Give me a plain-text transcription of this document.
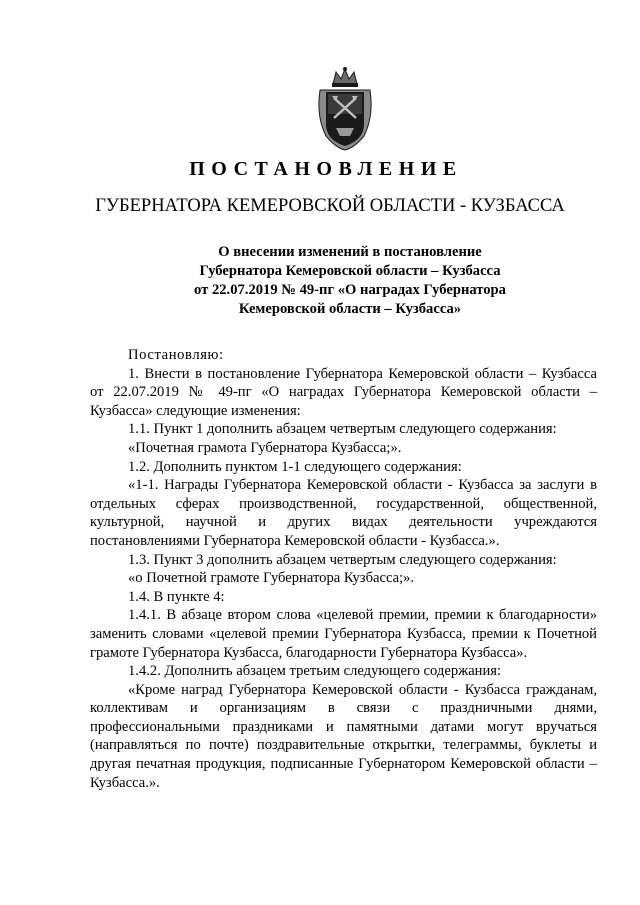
ПОСТАНОВЛЕНИЕ
ГУБЕРНАТОРА КЕМЕРОВСКОЙ ОБЛАСТИ - КУЗБАССА
О внесении изменений в постановление
Губернатора Кемеровской области – Кузбасса
от 22.07.2019 № 49-пг «О наградах Губернатора
Кемеровской области – Кузбасса»

Постановляю:

1. Внести в постановление Губернатора Кемеровской области – Кузбасса от 22.07.2019 № 49-пг «О наградах Губернатора Кемеровской области – Кузбасса» следующие изменения:

1.1. Пункт 1 дополнить абзацем четвертым следующего содержания:

«Почетная грамота Губернатора Кузбасса;».

1.2. Дополнить пунктом 1-1 следующего содержания:

«1-1. Награды Губернатора Кемеровской области - Кузбасса за заслуги в отдельных сферах производственной, государственной, общественной, культурной, научной и других видах деятельности учреждаются постановлениями Губернатора Кемеровской области - Кузбасса.».

1.3. Пункт 3 дополнить абзацем четвертым следующего содержания:

«о Почетной грамоте Губернатора Кузбасса;».

1.4. В пункте 4:

1.4.1. В абзаце втором слова «целевой премии, премии к благодарности» заменить словами «целевой премии Губернатора Кузбасса, премии к Почетной грамоте Губернатора Кузбасса, благодарности Губернатора Кузбасса».

1.4.2. Дополнить абзацем третьим следующего содержания:

«Кроме наград Губернатора Кемеровской области - Кузбасса гражданам, коллективам и организациям в связи с праздничными днями, профессиональными праздниками и памятными датами могут вручаться (направляться по почте) поздравительные открытки, телеграммы, буклеты и другая печатная продукция, подписанные Губернатором Кемеровской области – Кузбасса.».
